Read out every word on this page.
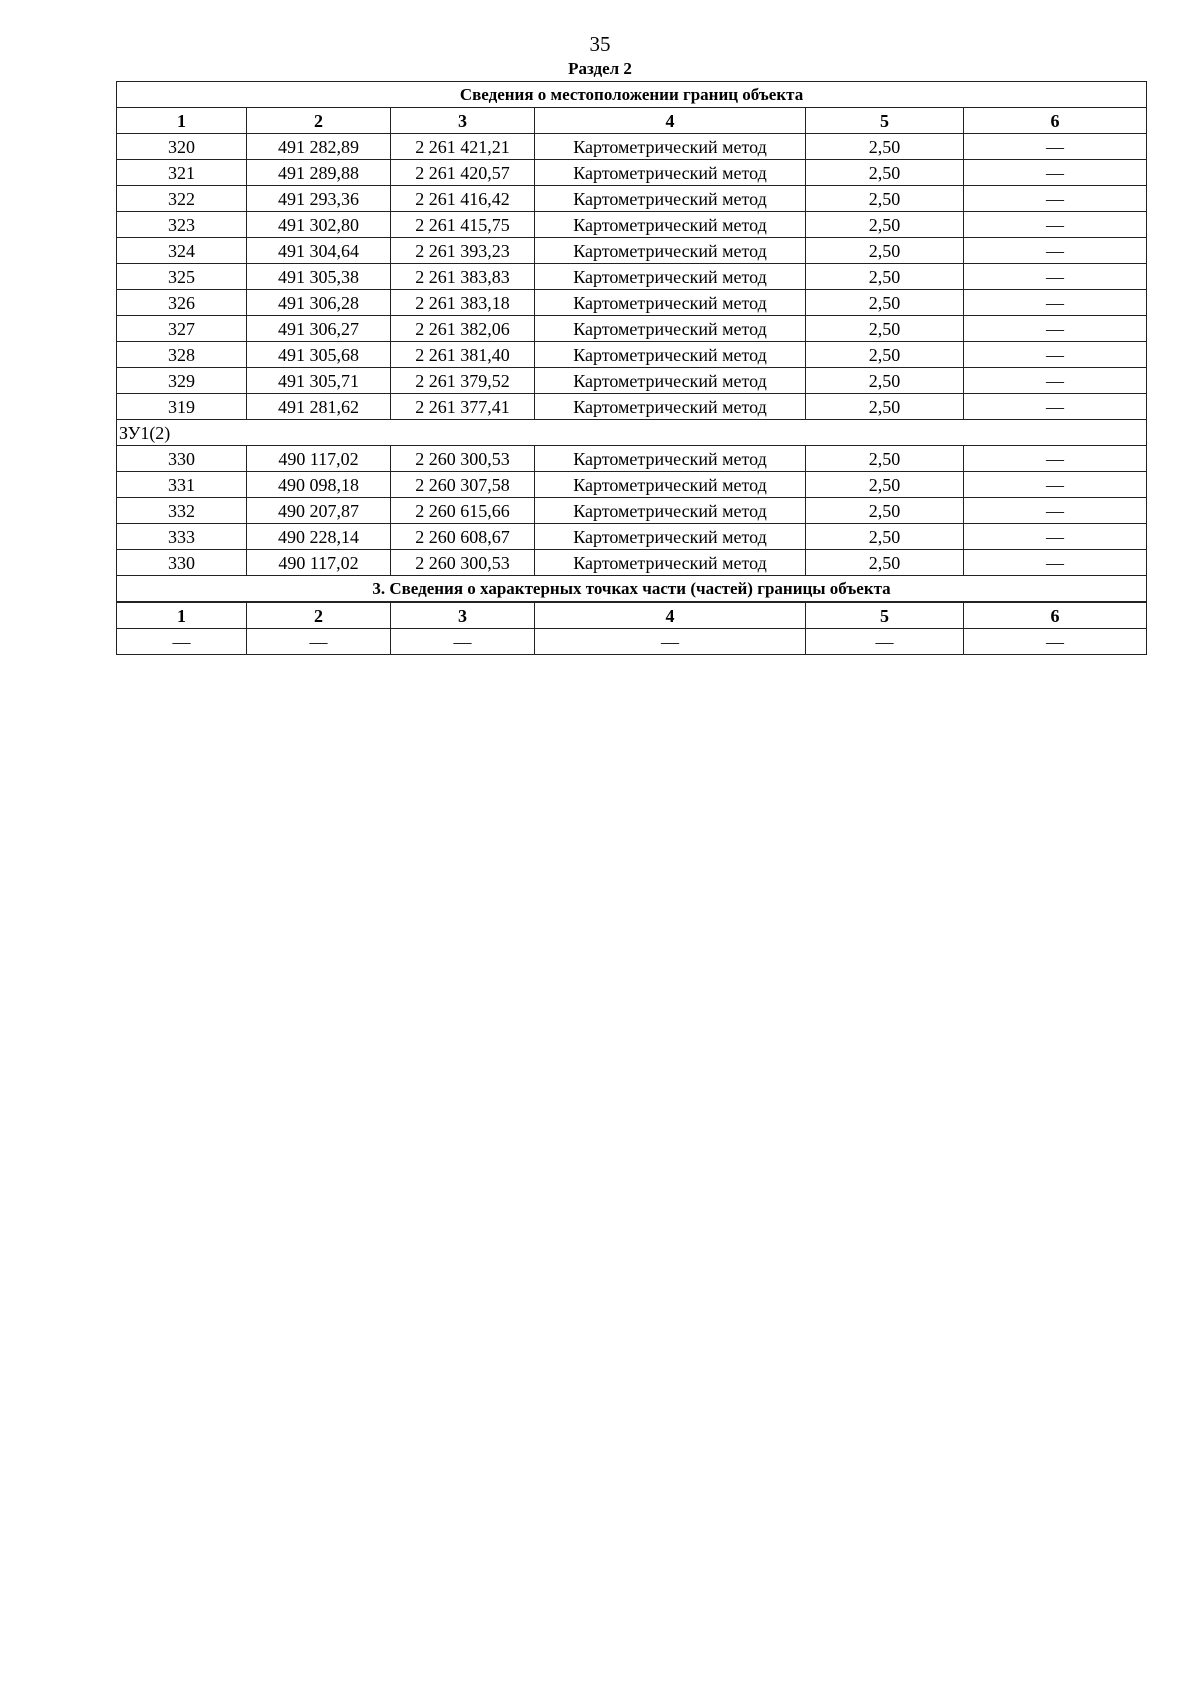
35
Раздел 2
Сведения о местоположении границ объекта					
1	2	3	4	5	6
320	491 282,89	2 261 421,21	Картометрический метод	2,50	—
321	491 289,88	2 261 420,57	Картометрический метод	2,50	—
322	491 293,36	2 261 416,42	Картометрический метод	2,50	—
323	491 302,80	2 261 415,75	Картометрический метод	2,50	—
324	491 304,64	2 261 393,23	Картометрический метод	2,50	—
325	491 305,38	2 261 383,83	Картометрический метод	2,50	—
326	491 306,28	2 261 383,18	Картометрический метод	2,50	—
327	491 306,27	2 261 382,06	Картометрический метод	2,50	—
328	491 305,68	2 261 381,40	Картометрический метод	2,50	—
329	491 305,71	2 261 379,52	Картометрический метод	2,50	—
319	491 281,62	2 261 377,41	Картометрический метод	2,50	—
ЗУ1(2)					
330	490 117,02	2 260 300,53	Картометрический метод	2,50	—
331	490 098,18	2 260 307,58	Картометрический метод	2,50	—
332	490 207,87	2 260 615,66	Картометрический метод	2,50	—
333	490 228,14	2 260 608,67	Картометрический метод	2,50	—
330	490 117,02	2 260 300,53	Картометрический метод	2,50	—
3. Сведения о характерных точках части (частей) границы объекта					
1	2	3	4	5	6
—	—	—	—	—	—
